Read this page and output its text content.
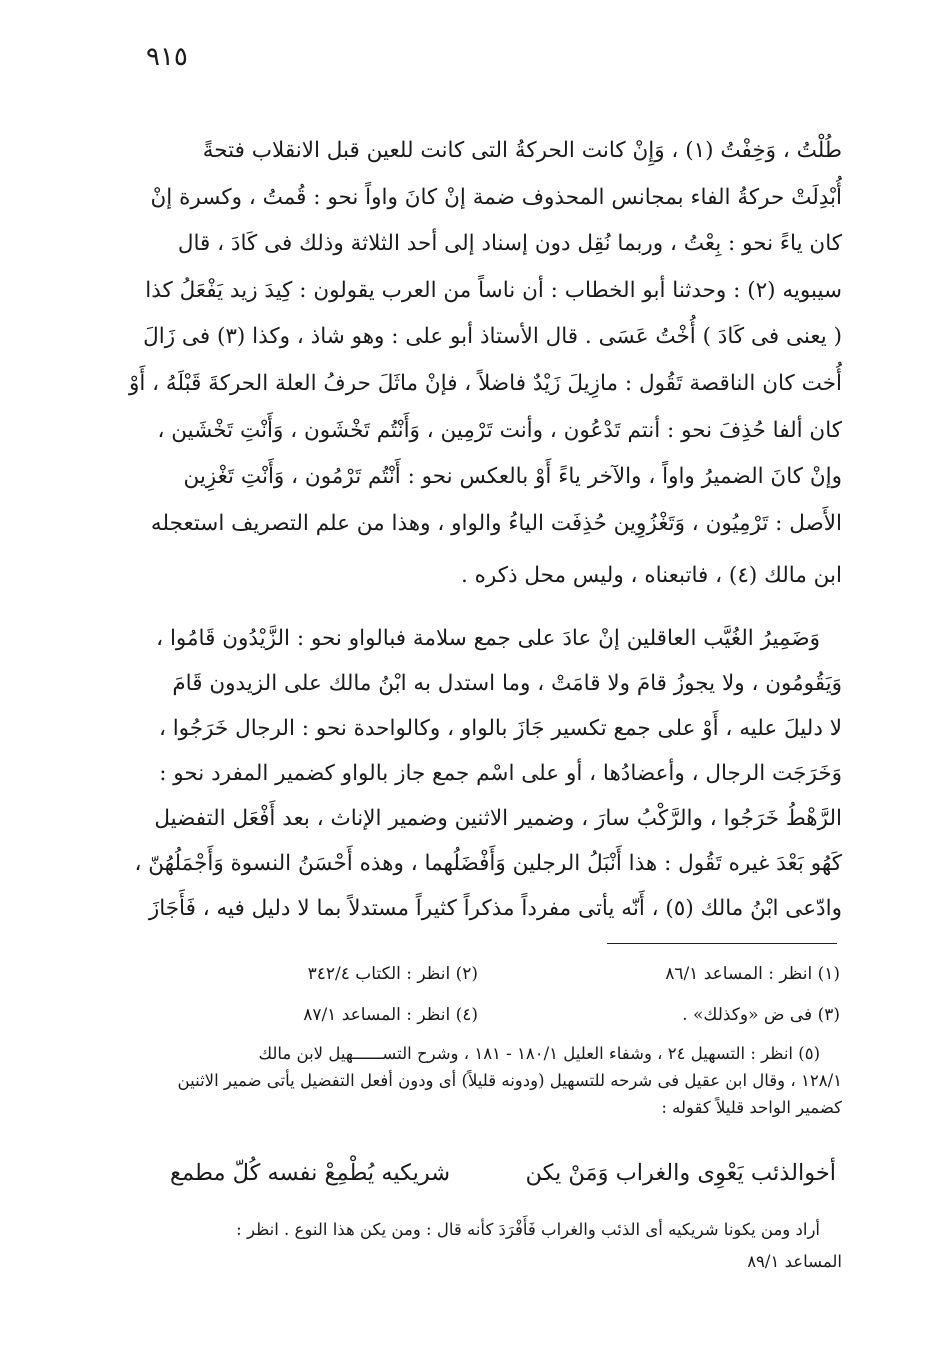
٩١٥
طُلْتُ ، وَخِفْتُ (١) ، وَإِنْ كانت الحركةُ التى كانت للعين قبل الانقلاب فتحةً
أُبْدِلَتْ حركةُ الفاء بمجانس المحذوف ضمة إنْ كانَ واواً نحو : قُمتُ ، وكسرة إنْ
كان ياءً نحو : بِعْتُ ، وربما نُقِل دون إسناد إلى أحد الثلاثة وذلك فى كَادَ ، قال
سيبويه (٢) : وحدثنا أبو الخطاب : أن ناساً من العرب يقولون : كِيدَ زيد يَفْعَلُ كذا
( يعنى فى كَادَ ) أُخْتُ عَسَى . قال الأستاذ أبو على : وهو شاذ ، وكذا (٣) فى زَالَ
أُخت كان الناقصة تَقُول : مازِيلَ زَيْدٌ فاضلاً ، فإنْ ماثَلَ حرفُ العلة الحركةَ قَبْلَهُ ، أَوْ
كان ألفا حُذِفَ نحو : أنتم تَدْعُون ، وأنت تَرْمِين ، وَأَنْتُم تَخْشَون ، وَأَنْتِ تَخْشَين ،
وإنْ كانَ الضميرُ واواً ، والآخر ياءً أَوْ بالعكس نحو : أَنْتُم تَرْمُون ، وَأَنْتِ تَغْزِين
الأَصل : تَرْمِيُون ، وَتَغْزُوِين حُذِفَت الياءُ والواو ، وهذا من علم التصريف استعجله
ابن مالك (٤) ، فاتبعناه ، وليس محل ذكره .
وَضَمِيرُ الغُيَّب العاقلين إنْ عادَ على جمع سلامة فبالواو نحو : الزَّيْدُون قَامُوا ،
وَيَقُومُون ، ولا يجوزُ قامَ ولا قامَتْ ، وما استدل به ابْنُ مالك على الزيدون قَامَ
لا دليلَ عليه ، أَوْ على جمع تكسير جَازَ بالواو ، وكالواحدة نحو : الرجال خَرَجُوا ،
وَخَرَجَت الرجال ، وأعضادُها ، أو على اسْم جمع جاز بالواو كضمير المفرد نحو :
الرَّهْطُ خَرَجُوا ، والرَّكْبُ سارَ ، وضمير الاثنين وضمير الإناث ، بعد أَفْعَل التفضيل
كَهُو بَعْدَ غيره تَقُول : هذا أَنْبَلُ الرجلين وَأَفْضَلُهما ، وهذه أَحْسَنُ النسوة وَأَجْمَلُهُنّ ،
وادّعى ابْنُ مالك (٥) ، أَنّه يأتى مفرداً مذكراً كثيراً مستدلاً بما لا دليل فيه ، فَأَجَازَ
(١) انظر : المساعد ٨٦/١
(٢) انظر : الكتاب ٣٤٢/٤
(٣) فى ض «وكذلك» .
(٤) انظر : المساعد ٨٧/١
(٥) انظر : التسهيل ٢٤ ، وشفاء العليل ١٨٠/١ - ١٨١ ، وشرح التســــــهيل لابن مالك
١٢٨/١ ، وقال ابن عقيل فى شرحه للتسهيل (ودونه قليلاً) أى ودون أفعل التفضيل يأتى ضمير الاثنين
كضمير الواحد قليلاً كقوله :
أخوالذئب يَعْوِى والغراب وَمَنْ يكن
شريكيه يُطْمِعْ نفسه كُلّ مطمع
أراد ومن يكونا شريكيه أى الذئب والغراب فَأَفْرَدَ كأنه قال : ومن يكن هذا النوع . انظر :
المساعد ٨٩/١
